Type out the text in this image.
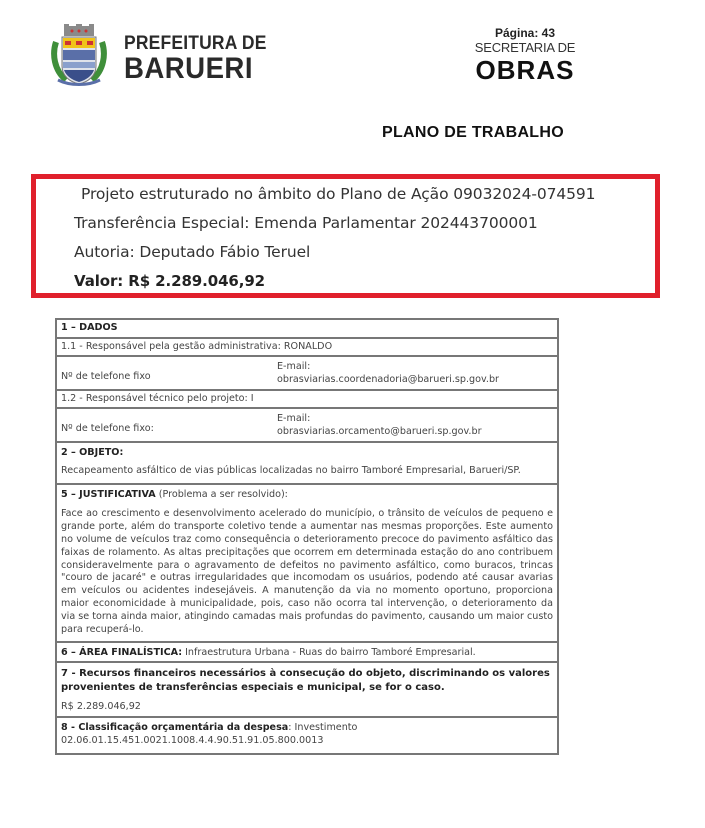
PREFEITURA DE
BARUERI
Página: 43
SECRETARIA DE
OBRAS
PLANO DE TRABALHO
Projeto estruturado no âmbito do Plano de Ação 09032024-074591
Transferência Especial: Emenda Parlamentar 202443700001
Autoria: Deputado Fábio Teruel
Valor: R$ 2.289.046,92
1 – DADOS
1.1 - Responsável pela gestão administrativa: RONALDO
Nº de telefone fixo
E-mail:
obrasviarias.coordenadoria@barueri.sp.gov.br
1.2 - Responsável técnico pelo projeto: I
Nº de telefone fixo:
E-mail:
obrasviarias.orcamento@barueri.sp.gov.br
2 – OBJETO:
Recapeamento asfáltico de vias públicas localizadas no bairro Tamboré Empresarial, Barueri/SP.
5 – JUSTIFICATIVA (Problema a ser resolvido):
Face ao crescimento e desenvolvimento acelerado do município, o trânsito de veículos de pequeno e grande porte, além do transporte coletivo tende a aumentar nas mesmas proporções. Este aumento no volume de veículos traz como consequência o deterioramento precoce do pavimento asfáltico das faixas de rolamento. As altas precipitações que ocorrem em determinada estação do ano contribuem consideravelmente para o agravamento de defeitos no pavimento asfáltico, como buracos, trincas "couro de jacaré" e outras irregularidades que incomodam os usuários, podendo até causar avarias em veículos ou acidentes indesejáveis. A manutenção da via no momento oportuno, proporciona maior economicidade à municipalidade, pois, caso não ocorra tal intervenção, o deterioramento da via se torna ainda maior, atingindo camadas mais profundas do pavimento, causando um maior custo para recuperá-lo.
6 – ÁREA FINALÍSTICA: Infraestrutura Urbana - Ruas do bairro Tamboré Empresarial.
7 - Recursos financeiros necessários à consecução do objeto, discriminando os valores provenientes de transferências especiais e municipal, se for o caso.
R$ 2.289.046,92
8 - Classificação orçamentária da despesa: Investimento
02.06.01.15.451.0021.1008.4.4.90.51.91.05.800.0013
